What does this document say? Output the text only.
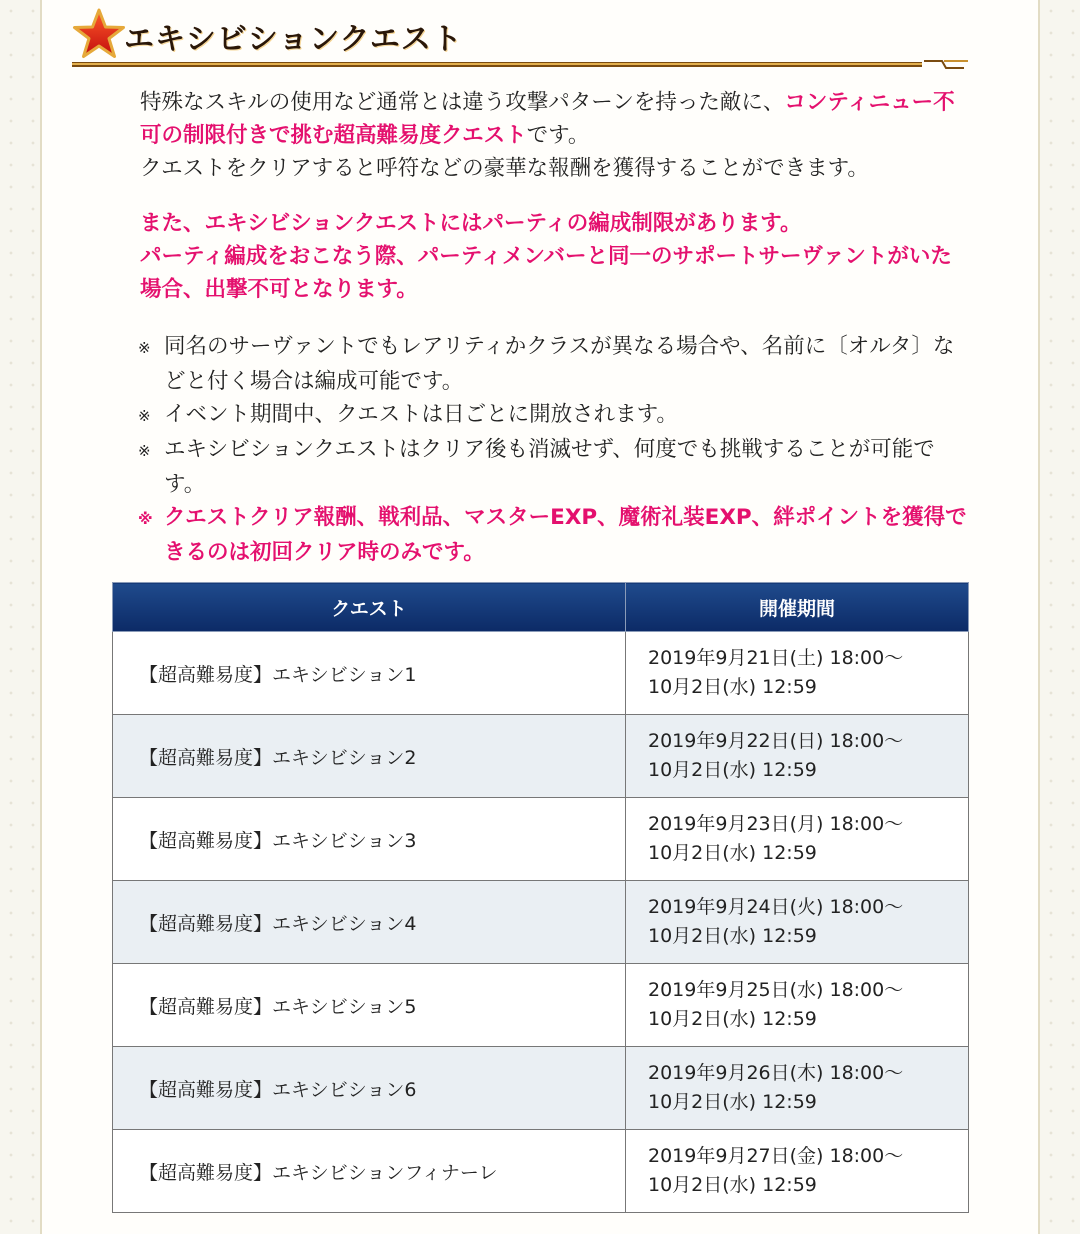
エキシビションクエスト

特殊なスキルの使用など通常とは違う攻撃パターンを持った敵に、コンティニュー不可の制限付きで挑む超高難易度クエストです。

クエストをクリアすると呼符などの豪華な報酬を獲得することができます。

また、エキシビションクエストにはパーティの編成制限があります。

パーティ編成をおこなう際、パーティメンバーと同一のサポートサーヴァントがいた場合、出撃不可となります。

※ 同名のサーヴァントでもレアリティかクラスが異なる場合や、名前に〔オルタ〕などと付く場合は編成可能です。
※ イベント期間中、クエストは日ごとに開放されます。
※ エキシビションクエストはクリア後も消滅せず、何度でも挑戦することが可能です。
※ クエストクリア報酬、戦利品、マスターEXP、魔術礼装EXP、絆ポイントを獲得できるのは初回クリア時のみです。
クエスト	開催期間
【超高難易度】エキシビション1	2019年9月21日(土) 18:00～
10月2日(水) 12:59
【超高難易度】エキシビション2	2019年9月22日(日) 18:00～
10月2日(水) 12:59
【超高難易度】エキシビション3	2019年9月23日(月) 18:00～
10月2日(水) 12:59
【超高難易度】エキシビション4	2019年9月24日(火) 18:00～
10月2日(水) 12:59
【超高難易度】エキシビション5	2019年9月25日(水) 18:00～
10月2日(水) 12:59
【超高難易度】エキシビション6	2019年9月26日(木) 18:00～
10月2日(水) 12:59
【超高難易度】エキシビションフィナーレ	2019年9月27日(金) 18:00～
10月2日(水) 12:59
